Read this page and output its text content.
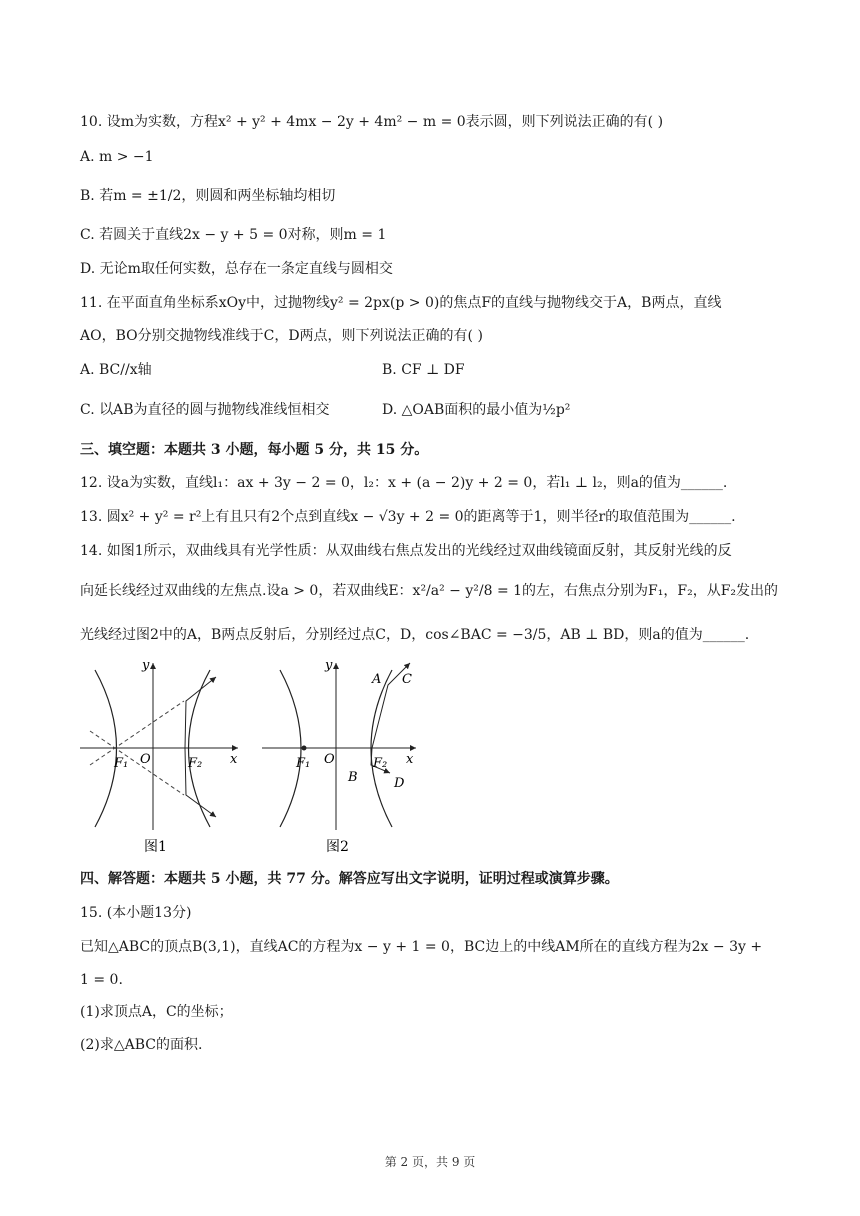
10. 设m为实数，方程x² + y² + 4mx − 2y + 4m² − m = 0表示圆，则下列说法正确的有( )
A. m > −1
B. 若m = ±1/2，则圆和两坐标轴均相切
C. 若圆关于直线2x − y + 5 = 0对称，则m = 1
D. 无论m取任何实数，总存在一条定直线与圆相交
11. 在平面直角坐标系xOy中，过抛物线y² = 2px(p > 0)的焦点F的直线与抛物线交于A，B两点，直线
AO，BO分别交抛物线准线于C，D两点，则下列说法正确的有( )
A. BC//x轴	B. CF ⊥ DF
C. 以AB为直径的圆与抛物线准线恒相交	D. △OAB面积的最小值为½p²
三、填空题：本题共 3 小题，每小题 5 分，共 15 分。
12. 设a为实数，直线l₁：ax + 3y − 2 = 0，l₂：x + (a − 2)y + 2 = 0，若l₁ ⊥ l₂，则a的值为______.
13. 圆x² + y² = r²上有且只有2个点到直线x − √3y + 2 = 0的距离等于1，则半径r的取值范围为______.
14. 如图1所示，双曲线具有光学性质：从双曲线右焦点发出的光线经过双曲线镜面反射，其反射光线的反
向延长线经过双曲线的左焦点.设a > 0，若双曲线E：x²/a² − y²/8 = 1的左，右焦点分别为F₁，F₂，从F₂发出的
光线经过图2中的A，B两点反射后，分别经过点C，D，cos∠BAC = −3/5，AB ⊥ BD，则a的值为______.
x
y
O
F₁	F₂
图1
x
y
O
F₁	F₂
A C
B	D
图2
四、解答题：本题共 5 小题，共 77 分。解答应写出文字说明，证明过程或演算步骤。
15. (本小题13分)
已知△ABC的顶点B(3,1)，直线AC的方程为x − y + 1 = 0，BC边上的中线AM所在的直线方程为2x − 3y +
1 = 0.
(1)求顶点A，C的坐标；
(2)求△ABC的面积.
第 2 页，共 9 页
